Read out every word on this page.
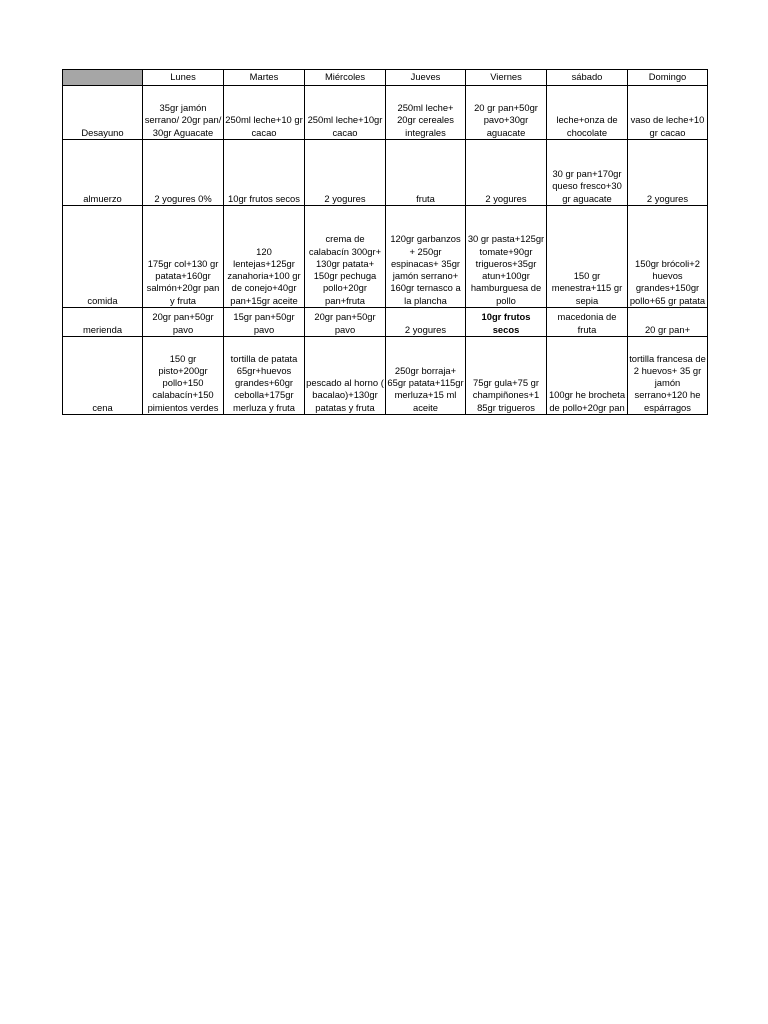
	Lunes	Martes	Miércoles	Jueves	Viernes	sábado	Domingo
Desayuno	35gr jamón serrano/ 20gr pan/ 30gr Aguacate	250ml leche+10 gr cacao	250ml leche+10gr cacao	250ml leche+ 20gr cereales integrales	20 gr pan+50gr pavo+30gr aguacate	leche+onza de chocolate	vaso de leche+10 gr cacao
almuerzo	2 yogures 0%	10gr frutos secos	2 yogures	fruta	2 yogures	30 gr pan+170gr queso fresco+30 gr aguacate	2 yogures
comida	175gr col+130 gr patata+160gr salmón+20gr pan y fruta	120 lentejas+125gr zanahoria+100 gr de conejo+40gr pan+15gr aceite	crema de calabacín 300gr+ 130gr patata+ 150gr pechuga pollo+20gr pan+fruta	120gr garbanzos + 250gr espinacas+ 35gr jamón serrano+ 160gr ternasco a la plancha	30 gr pasta+125gr tomate+90gr trigueros+35gr atun+100gr hamburguesa de pollo	150 gr menestra+115 gr sepia	150gr brócoli+2 huevos grandes+150gr pollo+65 gr patata
merienda	20gr pan+50gr pavo	15gr pan+50gr pavo	20gr pan+50gr pavo	2 yogures	10gr frutos secos	macedonia de fruta	20 gr pan+
cena	150 gr pisto+200gr pollo+150 calabacín+150 pimientos verdes	tortilla de patata 65gr+huevos grandes+60gr cebolla+175gr merluza y fruta	pescado al horno ( bacalao)+130gr patatas y fruta	250gr borraja+ 65gr patata+115gr merluza+15 ml aceite	75gr gula+75 gr champiñones+1 85gr trigueros	100gr he brocheta de pollo+20gr pan	tortilla francesa de 2 huevos+ 35 gr jamón serrano+120 he espárragos
